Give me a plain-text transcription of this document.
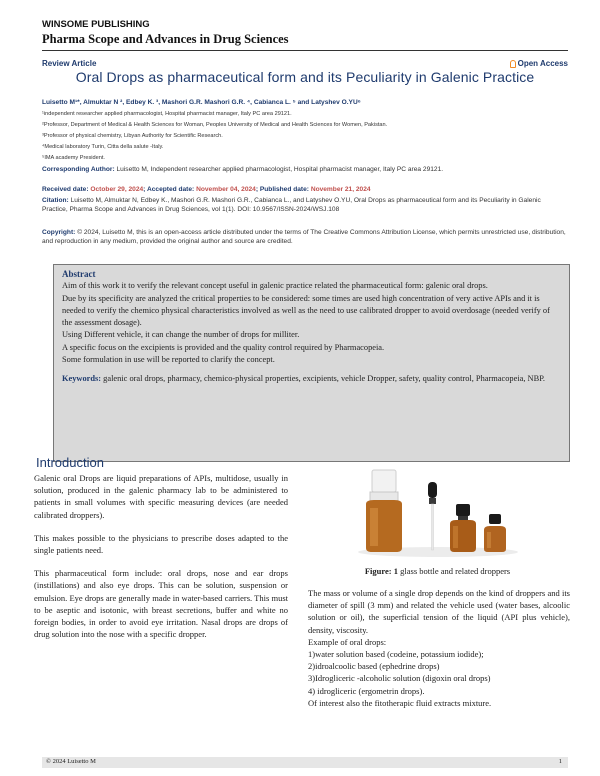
WINSOME PUBLISHING
Pharma Scope and Advances in Drug Sciences
Review Article	Open Access
Oral Drops as pharmaceutical form and its Peculiarity in Galenic Practice
Luisetto M¹*, Almuktar N ², Edbey K. ³, Mashori G.R. Mashori G.R. ⁴, Cabianca L. ⁵ and Latyshev O.YU⁶
¹independent researcher applied pharmacologist, Hospital pharmacist manager, Italy PC area 29121.
²Professor, Department of Medical & Health Sciences for Woman, Peoples University of Medical and Health Sciences for Women, Pakistan.
³Professor of physical chemistry, Libyan Authority for Scientific Research.
⁴Medical laboratory Turin, Citta della salute -Italy.
⁵IMA academy President.
Corresponding Author: Luisetto M, Independent researcher applied pharmacologist, Hospital pharmacist manager, Italy PC area 29121.
Received date: October 29, 2024; Accepted date: November 04, 2024; Published date: November 21, 2024
Citation: Luisetto M, Almuktar N, Edbey K., Mashori G.R. Mashori G.R., Cabianca L., and Latyshev O.YU, Oral Drops as pharmaceutical form and its Peculiarity in Galenic Practice, Pharma Scope and Advances in Drug Sciences, vol 1(1). DOI: 10.9567/ISSN-2024/WSJ.108
Copyright: © 2024, Luisetto M, this is an open-access article distributed under the terms of The Creative Commons Attribution License, which permits unrestricted use, distribution, and reproduction in any medium, provided the original author and source are credited.
Abstract
Aim of this work it to verify the relevant concept useful in galenic practice related the pharmaceutical form: galenic oral drops.
Due by its specificity are analyzed the critical properties to be considered: some times are used high concentration of very active APIs and it is needed to verify the chemico physical characteristics involved as well as the need to use calibrated dropper to avoid overdosage (needed verify of the assessment dosage).
Using Different vehicle, it can change the number of drops for milliter.
A specific focus on the excipients is provided and the quality control required by Pharmacopeia.
Some formulation in use will be reported to clarify the concept.
Keywords: galenic oral drops, pharmacy, chemico-physical properties, excipients, vehicle Dropper, safety, quality control, Pharmacopeia, NBP.
Introduction

Galenic oral Drops are liquid preparations of APIs, multidose, usually in solution, produced in the galenic pharmacy lab to be administered to patients in small volumes with specific measuring devices (are needed calibrated droppers).

This makes possible to the physicians to prescribe doses adapted to the single patients need.

This pharmaceutical form include: oral drops, nose and ear drops (instillations) and also eye drops. This can be solution, suspension or emulsion. Eye drops are generally made in water-based carriers. This must to be aseptic and isotonic, with breast secretions, buffer and white no foreign bodies, in order to avoid eye irritation. Nasal drops are drops of drug solution into the nose with a specific dropper.

Figure: 1 glass bottle and related droppers
The mass or volume of a single drop depends on the kind of droppers and its diameter of spill (3 mm) and related the vehicle used (water bases, alcoolic solution or oil), the superficial tension of the liquid (API plus vehicle), density, viscosity.
Example of oral drops:
1)water solution based (codeine, potassium iodide);
2)idroalcoolic based (ephedrine drops)
3)Idrogliceric -alcoholic solution (digoxin oral drops)
4) idrogliceric (ergometrin drops).
Of interest also the fitotherapic fluid extracts mixture.
© 2024 Luisetto M	1
